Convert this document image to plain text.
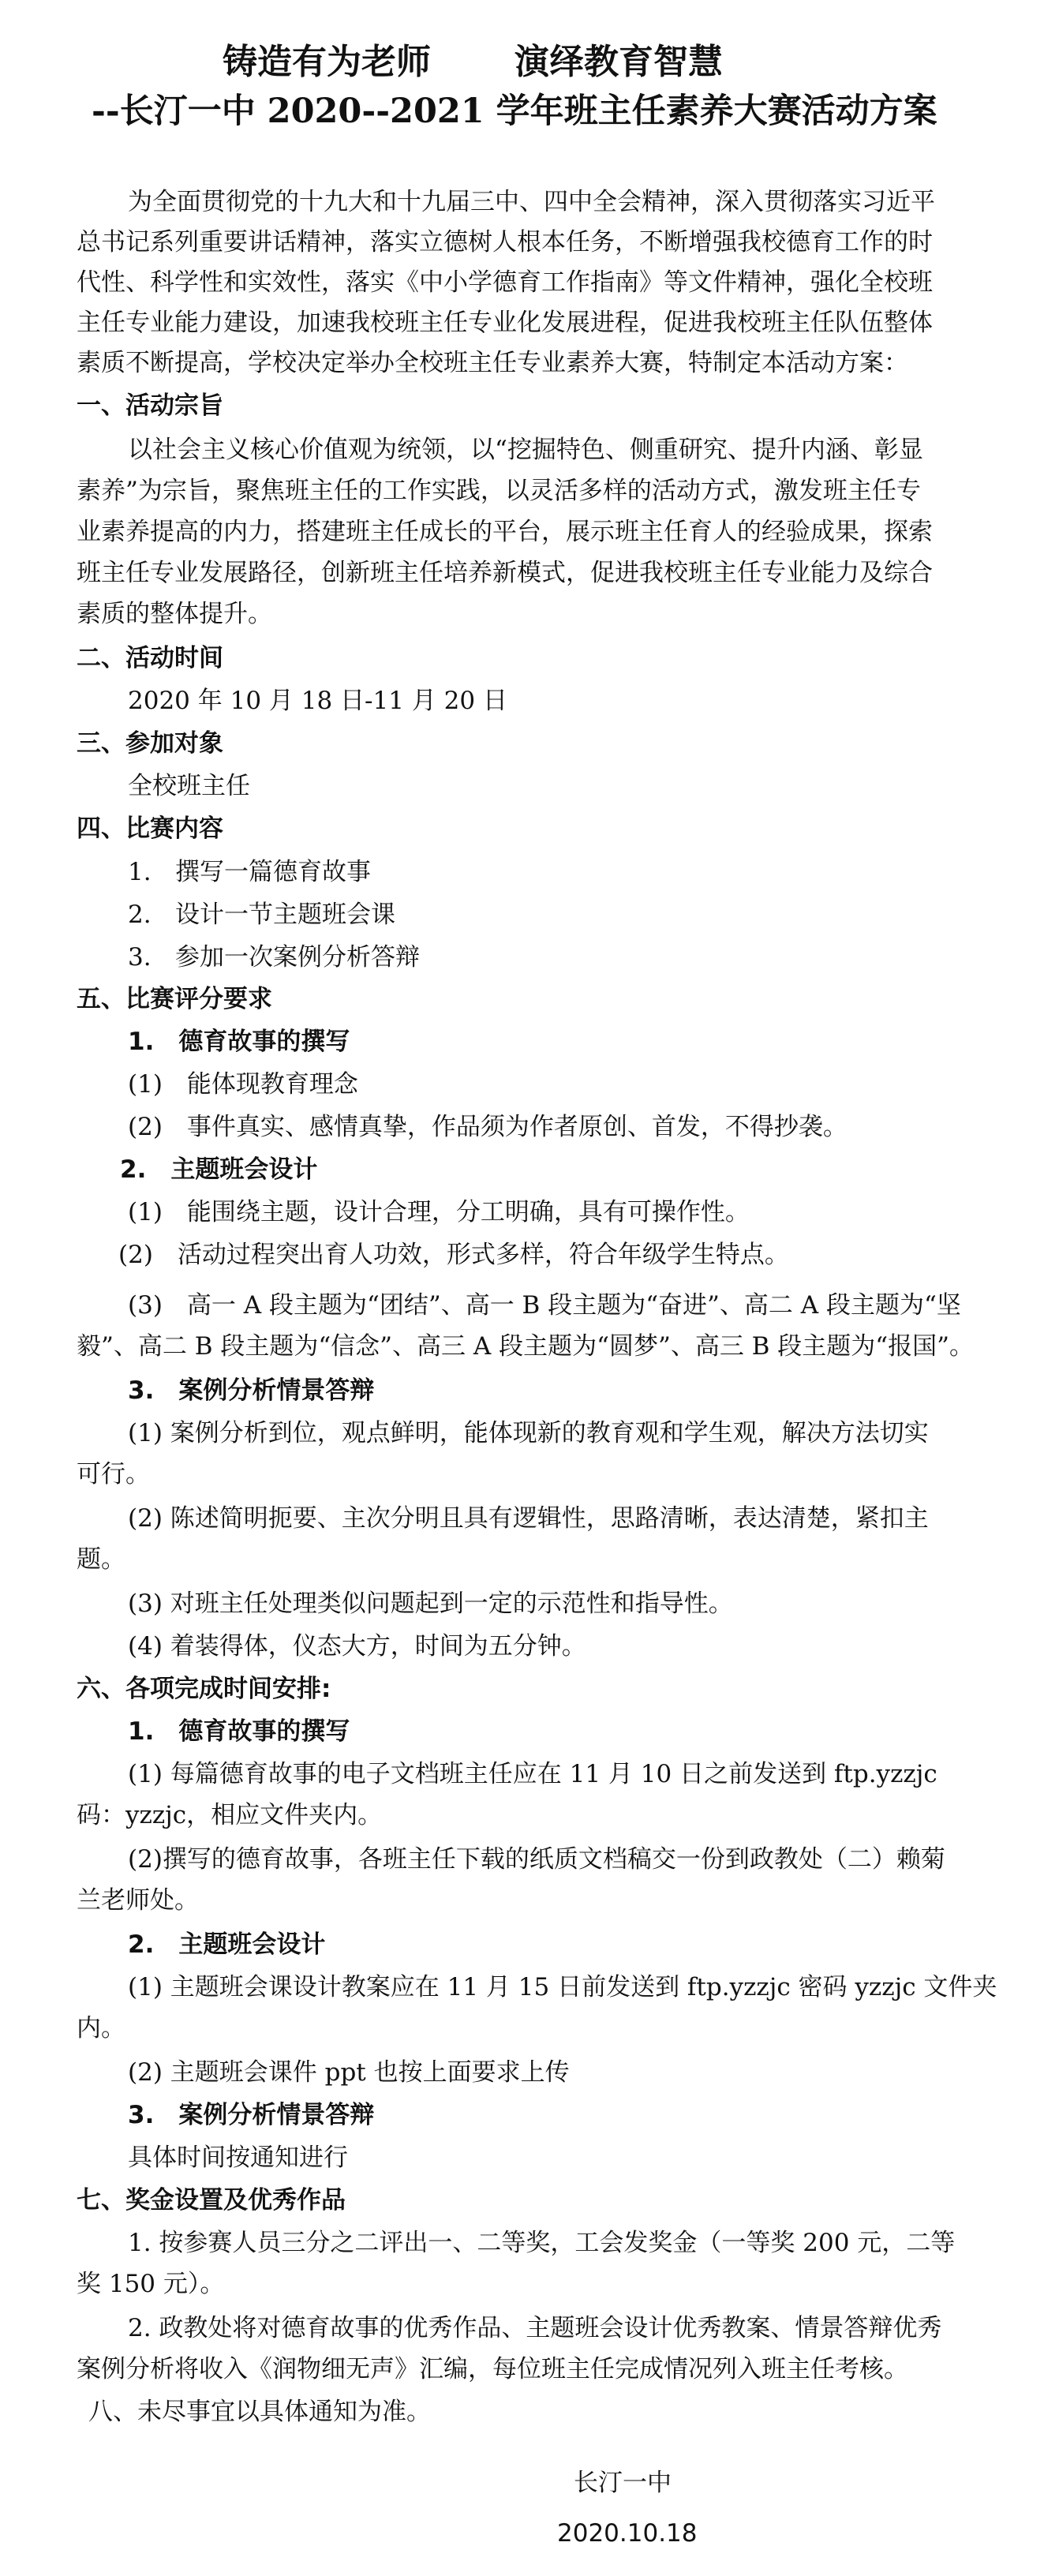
铸造有为老师 演绎教育智慧
--长汀一中 2020--2021 学年班主任素养大赛活动方案
为全面贯彻党的十九大和十九届三中、四中全会精神，深入贯彻落实习近平
总书记系列重要讲话精神，落实立德树人根本任务，不断增强我校德育工作的时
代性、科学性和实效性，落实《中小学德育工作指南》等文件精神，强化全校班
主任专业能力建设，加速我校班主任专业化发展进程，促进我校班主任队伍整体
素质不断提高，学校决定举办全校班主任专业素养大赛，特制定本活动方案：
一、活动宗旨
以社会主义核心价值观为统领，以“挖掘特色、侧重研究、提升内涵、彰显
素养”为宗旨，聚焦班主任的工作实践，以灵活多样的活动方式，激发班主任专
业素养提高的内力，搭建班主任成长的平台，展示班主任育人的经验成果，探索
班主任专业发展路径，创新班主任培养新模式，促进我校班主任专业能力及综合
素质的整体提升。
二、活动时间
2020 年 10 月 18 日-11 月 20 日
三、参加对象
全校班主任
四、比赛内容
1. 撰写一篇德育故事
2. 设计一节主题班会课
3. 参加一次案例分析答辩
五、比赛评分要求
1.　德育故事的撰写
(1)　能体现教育理念
(2)　事件真实、感情真挚，作品须为作者原创、首发，不得抄袭。
2.　主题班会设计
(1)　能围绕主题，设计合理，分工明确，具有可操作性。
(2)　活动过程突出育人功效，形式多样，符合年级学生特点。
(3)　高一 A 段主题为“团结”、高一 B 段主题为“奋进”、高二 A 段主题为“坚
毅”、高二 B 段主题为“信念”、高三 A 段主题为“圆梦”、高三 B 段主题为“报国”。
3.　案例分析情景答辩
(1) 案例分析到位，观点鲜明，能体现新的教育观和学生观，解决方法切实
可行。
(2) 陈述简明扼要、主次分明且具有逻辑性，思路清晰，表达清楚，紧扣主
题。
(3) 对班主任处理类似问题起到一定的示范性和指导性。
(4) 着装得体，仪态大方，时间为五分钟。
六、各项完成时间安排:
1.　德育故事的撰写
(1) 每篇德育故事的电子文档班主任应在 11 月 10 日之前发送到 ftp.yzzjc
码：yzzjc，相应文件夹内。
(2)撰写的德育故事，各班主任下载的纸质文档稿交一份到政教处（二）赖菊
兰老师处。
2.　主题班会设计
(1) 主题班会课设计教案应在 11 月 15 日前发送到 ftp.yzzjc 密码 yzzjc 文件夹
内。
(2) 主题班会课件 ppt 也按上面要求上传
3.　案例分析情景答辩
具体时间按通知进行
七、奖金设置及优秀作品
1. 按参赛人员三分之二评出一、二等奖，工会发奖金（一等奖 200 元，二等
奖 150 元）。
2. 政教处将对德育故事的优秀作品、主题班会设计优秀教案、情景答辩优秀
案例分析将收入《润物细无声》汇编，每位班主任完成情况列入班主任考核。
八、未尽事宜以具体通知为准。
长汀一中
2020.10.18
